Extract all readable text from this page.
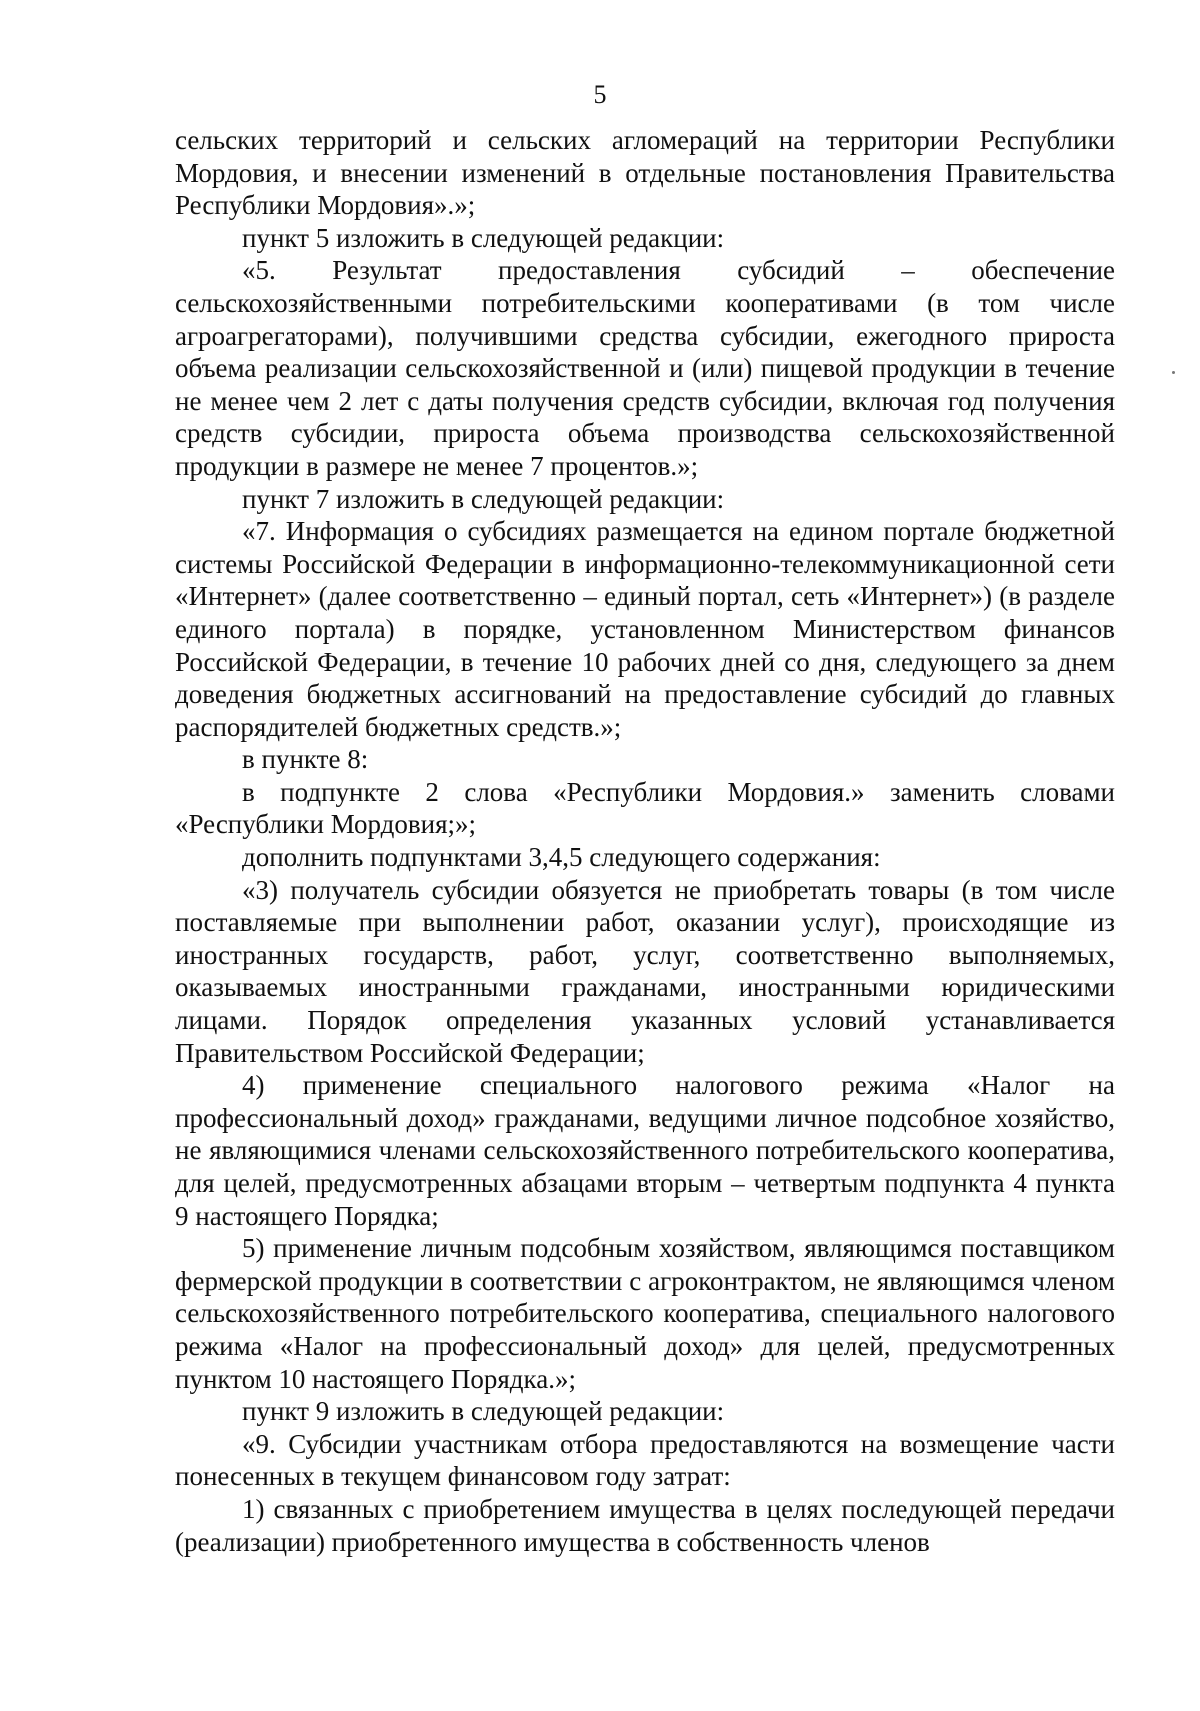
5

сельских территорий и сельских агломераций на территории Республики Мордовия, и внесении изменений в отдельные постановления Правительства Республики Мордовия».»;

пункт 5 изложить в следующей редакции:

«5. Результат предоставления субсидий – обеспечение сельскохозяйственными потребительскими кооперативами (в том числе агроагрегаторами), получившими средства субсидии, ежегодного прироста объема реализации сельскохозяйственной и (или) пищевой продукции в течение не менее чем 2 лет с даты получения средств субсидии, включая год получения средств субсидии, прироста объема производства сельскохозяйственной продукции в размере не менее 7 процентов.»;

пункт 7 изложить в следующей редакции:

«7. Информация о субсидиях размещается на едином портале бюджетной системы Российской Федерации в информационно-телекоммуникационной сети «Интернет» (далее соответственно – единый портал, сеть «Интернет») (в разделе единого портала) в порядке, установленном Министерством финансов Российской Федерации, в течение 10 рабочих дней со дня, следующего за днем доведения бюджетных ассигнований на предоставление субсидий до главных распорядителей бюджетных средств.»;

в пункте 8:

в подпункте 2 слова «Республики Мордовия.» заменить словами «Республики Мордовия;»;

дополнить подпунктами 3,4,5 следующего содержания:

«3) получатель субсидии обязуется не приобретать товары (в том числе поставляемые при выполнении работ, оказании услуг), происходящие из иностранных государств, работ, услуг, соответственно выполняемых, оказываемых иностранными гражданами, иностранными юридическими лицами. Порядок определения указанных условий устанавливается Правительством Российской Федерации;

4) применение специального налогового режима «Налог на профессиональный доход» гражданами, ведущими личное подсобное хозяйство, не являющимися членами сельскохозяйственного потребительского кооператива, для целей, предусмотренных абзацами вторым – четвертым подпункта 4 пункта 9 настоящего Порядка;

5) применение личным подсобным хозяйством, являющимся поставщиком фермерской продукции в соответствии с агроконтрактом, не являющимся членом сельскохозяйственного потребительского кооператива, специального налогового режима «Налог на профессиональный доход» для целей, предусмотренных пунктом 10 настоящего Порядка.»;

пункт 9 изложить в следующей редакции:

«9. Субсидии участникам отбора предоставляются на возмещение части понесенных в текущем финансовом году затрат:

1) связанных с приобретением имущества в целях последующей передачи (реализации) приобретенного имущества в собственность членов
